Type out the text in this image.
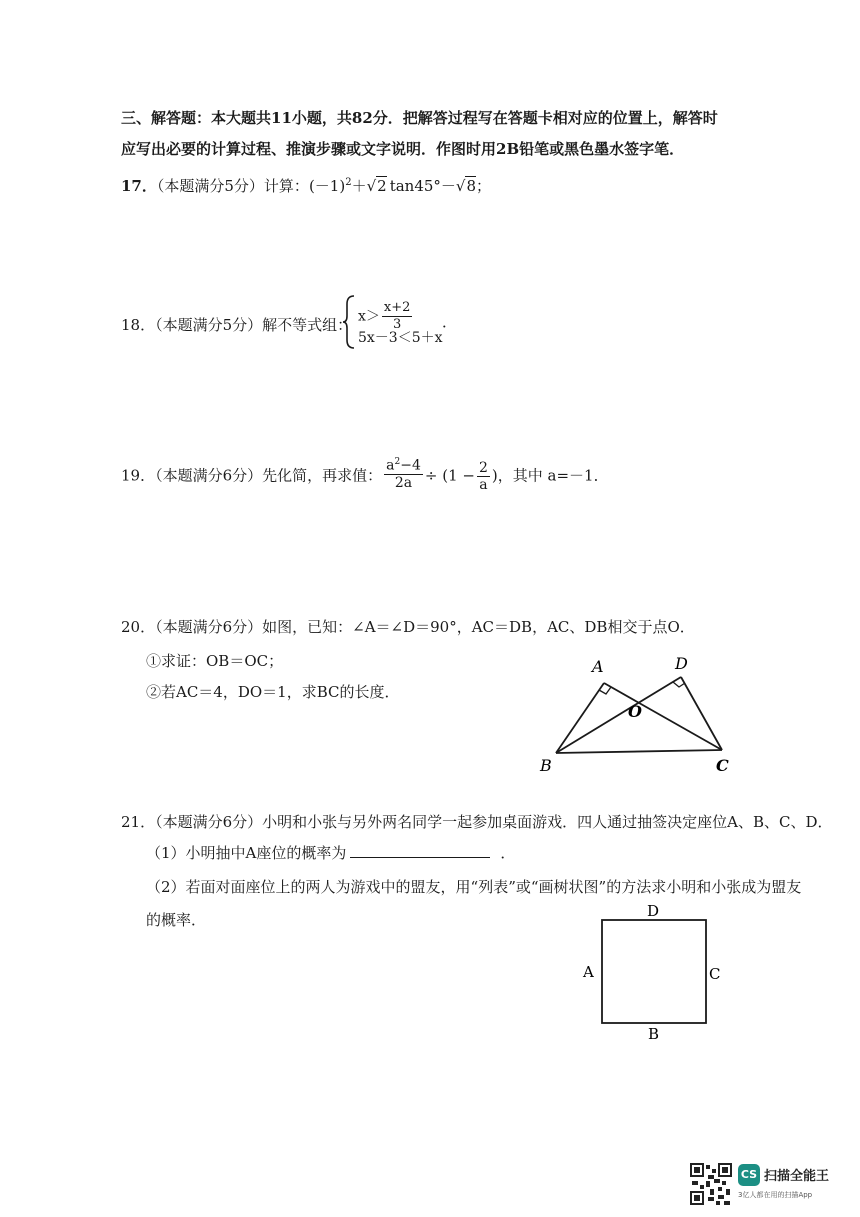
三、解答题：本大题共11小题，共82分．把解答过程写在答题卡相对应的位置上，解答时
应写出必要的计算过程、推演步骤或文字说明．作图时用2B铅笔或黑色墨水签字笔．
17．（本题满分5分）计算：$(-1)^2+√2$ tan45°－√8；
18．（本题满分5分）解不等式组： $x> \frac{x+2}{3}$
5x－3＜5＋x
．
19．（本题满分6分）先化简，再求值： $\frac{a^2-4}{2a} \div (1 - \frac{2}{a}$ )，其中 a=－1．
20．（本题满分6分）如图，已知：∠A＝∠D＝90°，AC＝DB，AC、DB相交于点O．
①求证：OB＝OC；
②若AC＝4，DO＝1，求BC的长度．
A	D
O
B	C
21．（本题满分6分）小明和小张与另外两名同学一起参加桌面游戏．四人通过抽签决定座位A、B、C、D．
（1）小明抽中A座位的概率为	．
（2）若面对面座位上的两人为游戏中的盟友，用“列表”或“画树状图”的方法求小明和小张成为盟友
的概率．	D
A	C
B
CS 扫描全能王
3亿人都在用的扫描App
